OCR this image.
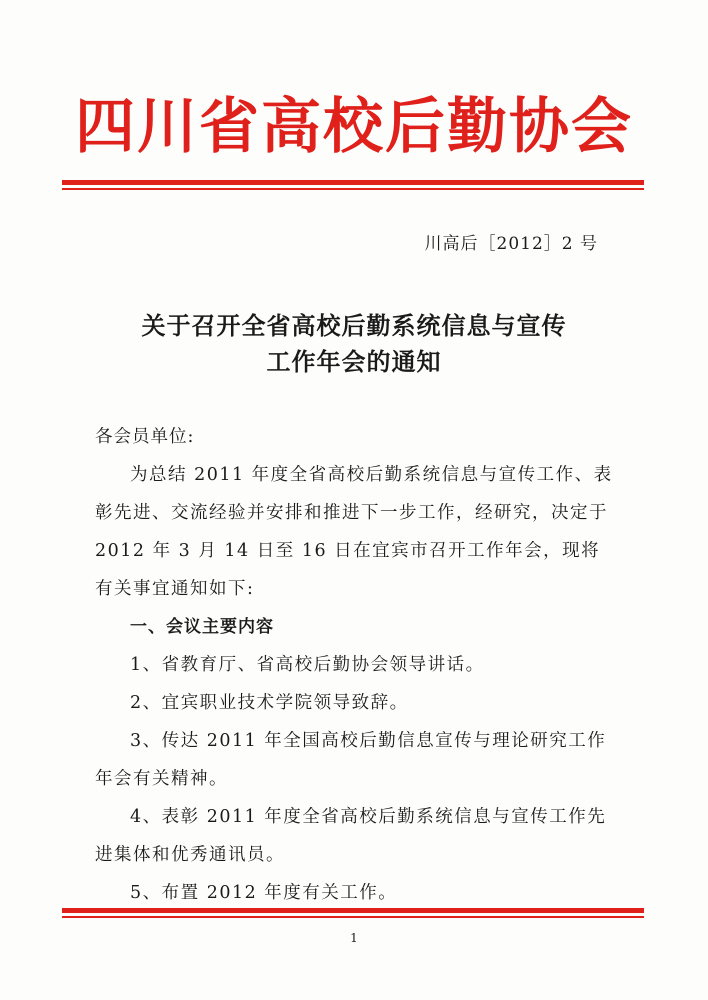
四川省高校后勤协会
川高后［2012］2 号
关于召开全省高校后勤系统信息与宣传
工作年会的通知

各会员单位:

为总结 2011 年度全省高校后勤系统信息与宣传工作、表彰先进、交流经验并安排和推进下一步工作，经研究，决定于 2012 年 3 月 14 日至 16 日在宜宾市召开工作年会，现将有关事宜通知如下:

一、会议主要内容

1、省教育厅、省高校后勤协会领导讲话。

2、宜宾职业技术学院领导致辞。

3、传达 2011 年全国高校后勤信息宣传与理论研究工作年会有关精神。

4、表彰 2011 年度全省高校后勤系统信息与宣传工作先进集体和优秀通讯员。

5、布置 2012 年度有关工作。

1
